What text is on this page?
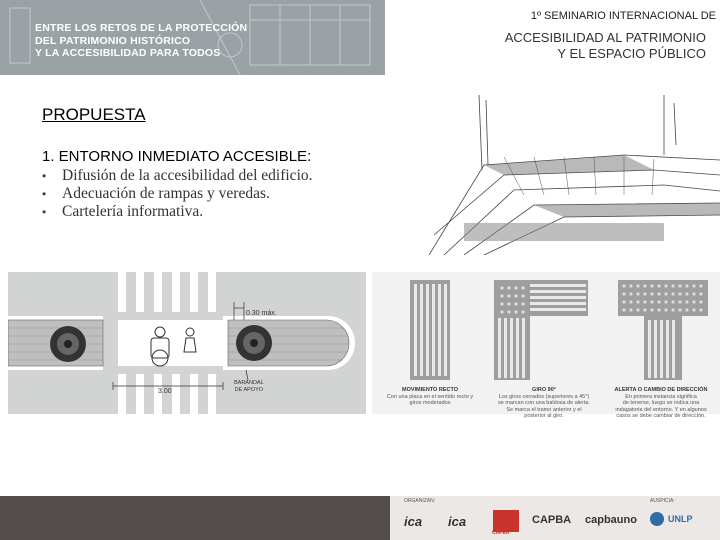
ENTRE LOS RETOS DE LA PROTECCIÓN
DEL PATRIMONIO HISTÓRICO
Y LA ACCESIBILIDAD PARA TODOS
1º SEMINARIO INTERNACIONAL DE
ACCESIBILIDAD AL PATRIMONIO
Y EL ESPACIO PÚBLICO
PROPUESTA
1. ENTORNO INMEDIATO ACCESIBLE:
• Difusión de la accesibilidad del edificio.
• Adecuación de rampas y veredas.
• Cartelería informativa.
0.30 máx.
3.00
BARANDAL
DE APOYO	MOVIMIENTO RECTO
Con una placa en el sentido recto y
giros moderados
GIRO 90°
Los giros cerrados (superiores a 45°)
se marcan con una baldosa de alerta.
Se marca el tramo anterior y el
posterior al giro.
ALERTA O CAMBIO DE DIRECCIÓN
En primera instancia significa
de tenerse, luego se indica una
indagatoria del entorno. Y en algunos
casos se debe cambiar de dirección.
ORGANIZAN:	AUSPICIA:
ica ica
CAPER
CAPBA capbauno	UNLP
